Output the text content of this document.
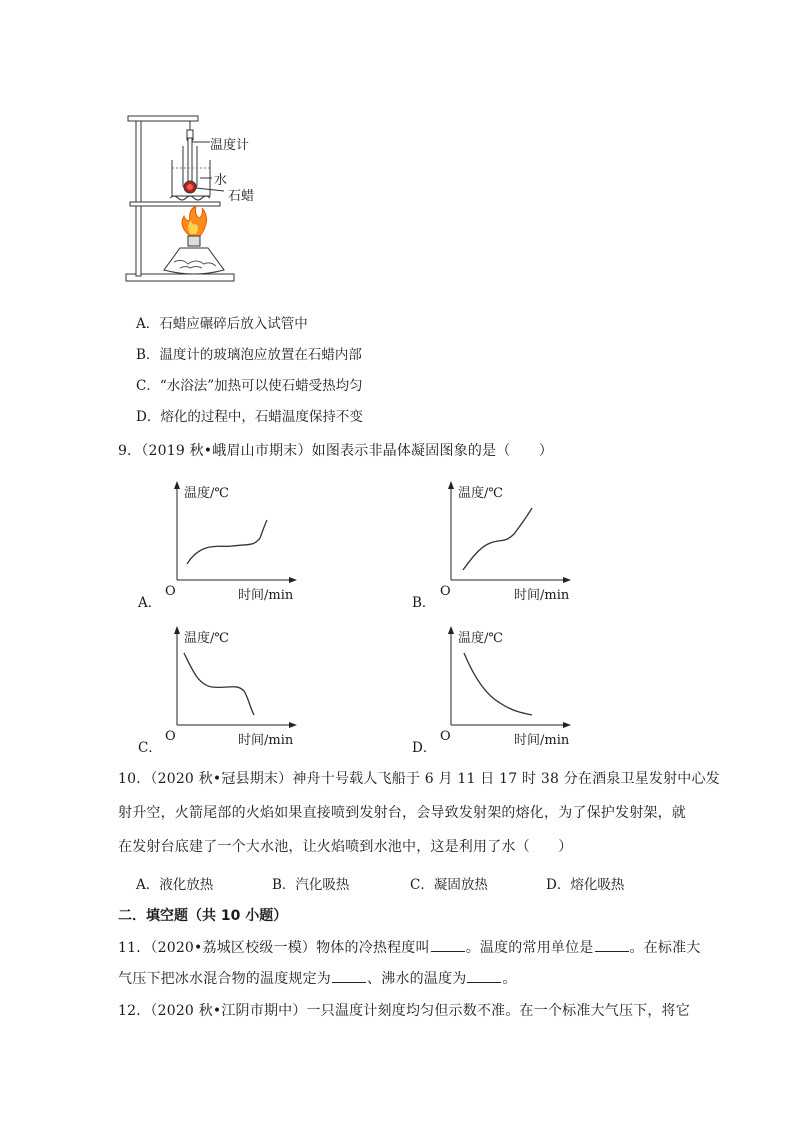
温度计
水
石蜡
A．石蜡应碾碎后放入试管中
B．温度计的玻璃泡应放置在石蜡内部
C．“水浴法”加热可以使石蜡受热均匀
D．熔化的过程中，石蜡温度保持不变
9．（2019 秋•峨眉山市期末）如图表示非晶体凝固图象的是（　　）
温度/℃
O	时间/min
A．
温度/℃
O	时间/min
B．
温度/℃
O	时间/min
C．
温度/℃
O	时间/min
D．
10．（2020 秋•冠县期末）神舟十号载人飞船于 6 月 11 日 17 时 38 分在酒泉卫星发射中心发
射升空，火箭尾部的火焰如果直接喷到发射台，会导致发射架的熔化，为了保护发射架，就
在发射台底建了一个大水池，让火焰喷到水池中，这是利用了水（　　）
A．液化放热	B．汽化吸热	C．凝固放热	D．熔化吸热
二．填空题（共 10 小题）
11．（2020•荔城区校级一模）物体的冷热程度叫	。温度的常用单位是	。在标准大
气压下把冰水混合物的温度规定为	、沸水的温度为	。
12．（2020 秋•江阴市期中）一只温度计刻度均匀但示数不准。在一个标准大气压下，将它
